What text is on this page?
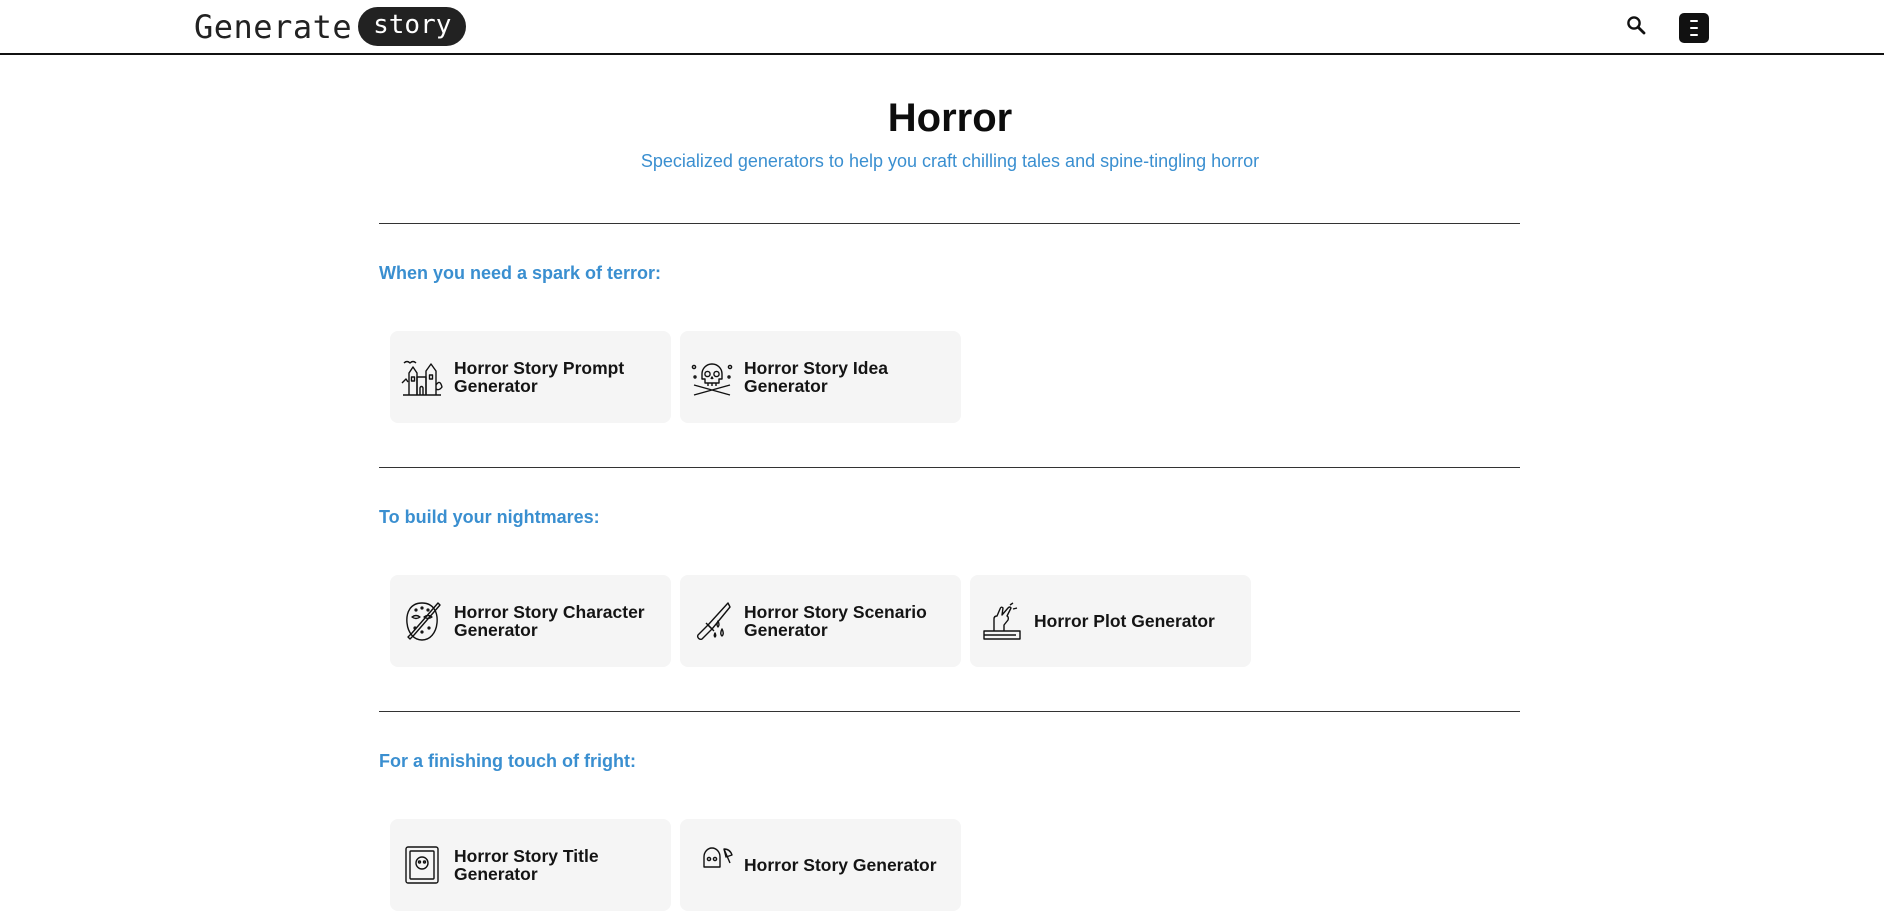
Generate story
Horror

Specialized generators to help you craft chilling tales and spine-tingling horror

When you need a spark of terror:
Horror Story Prompt Generator
Horror Story Idea Generator
To build your nightmares:
Horror Story Character Generator
Horror Story Scenario Generator	Horror Plot Generator
For a finishing touch of fright:
Horror Story Title Generator	Horror Story Generator
